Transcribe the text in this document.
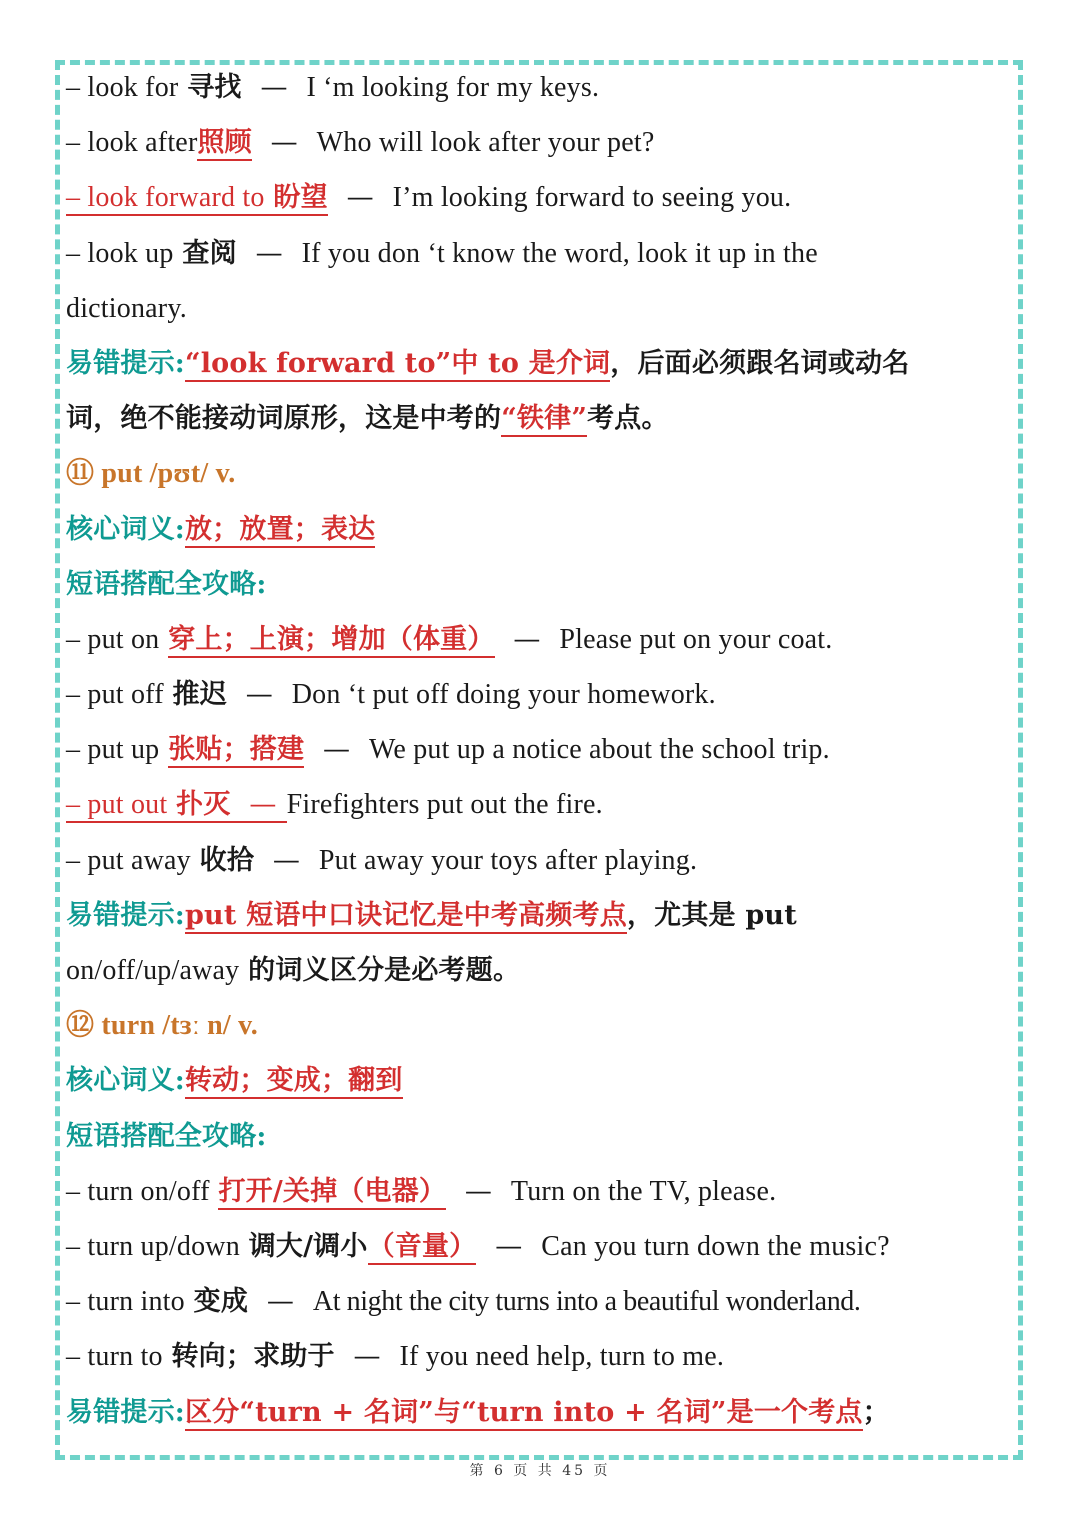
– look for 寻找 — I ‘m looking for my keys.
– look after照顾 — Who will look after your pet?
– look forward to 盼望 — I’m looking forward to seeing you.
– look up 查阅 — If you don ‘t know the word, look it up in the
dictionary.
易错提示:“look forward to”中 to 是介词，后面必须跟名词或动名
词，绝不能接动词原形，这是中考的“铁律”考点。
⑪ put /pʊt/ v.
核心词义:放；放置；表达
短语搭配全攻略:
– put on 穿上；上演；增加（体重） — Please put on your coat.
– put off 推迟 — Don ‘t put off doing your homework.
– put up 张贴；搭建 — We put up a notice about the school trip.
– put out 扑灭 — Firefighters put out the fire.
– put away 收拾 — Put away your toys after playing.
易错提示:put 短语中口诀记忆是中考高频考点，尤其是 put
on/off/up/away 的词义区分是必考题。
⑫ turn /tɜː n/ v.
核心词义:转动；变成；翻到
短语搭配全攻略:
– turn on/off 打开/关掉（电器） — Turn on the TV, please.
– turn up/down 调大/调小（音量） — Can you turn down the music?
– turn into 变成 — At night the city turns into a beautiful wonderland.
– turn to 转向；求助于 — If you need help, turn to me.
易错提示:区分“turn + 名词”与“turn into + 名词”是一个考点；
第 6 页 共 45 页
